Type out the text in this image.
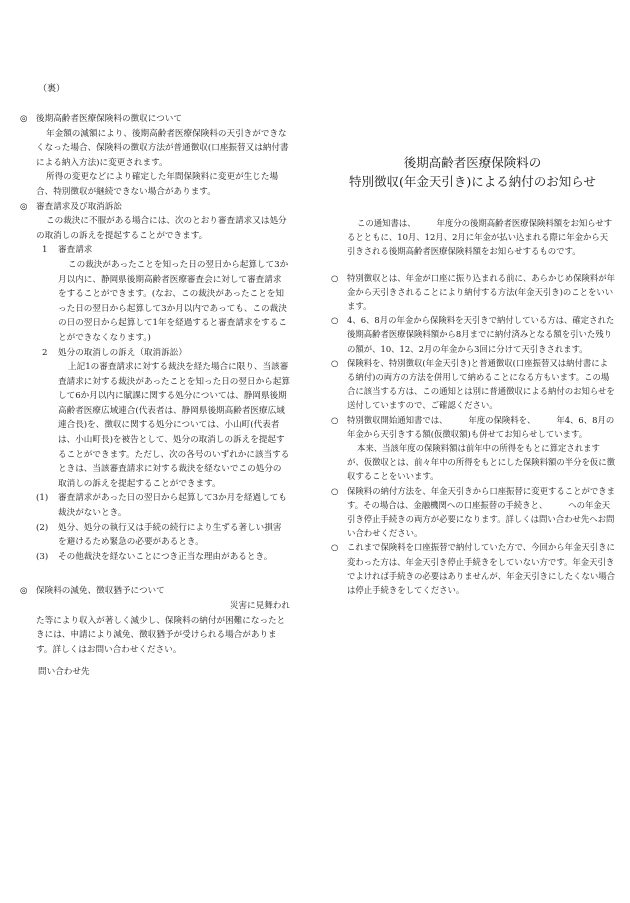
（裏）
◎ 後期高齢者医療保険料の徴収について

年金額の減額により、後期高齢者医療保険料の天引きができなくなった場合、保険料の徴収方法が普通徴収(口座振替又は納付書による納入方法)に変更されます。

所得の変更などにより確定した年間保険料に変更が生じた場合、特別徴収が継続できない場合があります。

◎ 審査請求及び取消訴訟

この裁決に不服がある場合には、次のとおり審査請求又は処分の取消しの訴えを提起することができます。

1	審査請求

この裁決があったことを知った日の翌日から起算して3か月以内に、静岡県後期高齢者医療審査会に対して審査請求をすることができます。(なお、この裁決があったことを知った日の翌日から起算して3か月以内であっても、この裁決の日の翌日から起算して1年を経過すると審査請求をすることができなくなります。)

2	処分の取消しの訴え（取消訴訟）

上記1の審査請求に対する裁決を経た場合に限り、当該審査請求に対する裁決があったことを知った日の翌日から起算して6か月以内に賦課に関する処分については、静岡県後期高齢者医療広域連合(代表者は、静岡県後期高齢者医療広域連合長)を、徴収に関する処分については、小山町(代表者は、小山町長)を被告として、処分の取消しの訴えを提起することができます。ただし、次の各号のいずれかに該当するときは、当該審査請求に対する裁決を経ないでこの処分の取消しの訴えを提起することができます。

(1)	審査請求があった日の翌日から起算して3か月を経過しても裁決がないとき。
(2)	処分、処分の執行又は手続の続行により生ずる著しい損害を避けるため緊急の必要があるとき。
(3)	その他裁決を経ないことにつき正当な理由があるとき。
◎ 保険料の減免、徴収猶予について

災害に見舞われ

た等により収入が著しく減少し、保険料の納付が困難になったときには、申請により減免、徴収猶予が受けられる場合があります。詳しくはお問い合わせください。

問い合わせ先

後期高齢者医療保険料の
特別徴収(年金天引き)による納付のお知らせ

この通知書は、　　　年度分の後期高齢者医療保険料額をお知らせするとともに、10月、12月、2月に年金が払い込まれる際に年金から天引きされる後期高齢者医療保険料額をお知らせするものです。

○	特別徴収とは、年金が口座に振り込まれる前に、あらかじめ保険料が年金から天引きされることにより納付する方法(年金天引き)のことをいいます。
○	4、6、8月の年金から保険料を天引きで納付している方は、確定された後期高齢者医療保険料額から8月までに納付済みとなる額を引いた残りの額が、10、12、2月の年金から3回に分けて天引きされます。
○	保険料を、特別徴収(年金天引き)と普通徴収(口座振替又は納付書による納付)の両方の方法を併用して納めることになる方もいます。この場合に該当する方は、この通知とは別に普通徴収による納付のお知らせを送付していますので、ご確認ください。
○	特別徴収開始通知書では、　　　年度の保険料を、　　　年4、6、8月の年金から天引きする額(仮徴収額)も併せてお知らせしています。

本来、当該年度の保険料額は前年中の所得をもとに算定されますが、仮徴収とは、前々年中の所得をもとにした保険料額の半分を仮に徴収することをいいます。

○	保険料の納付方法を、年金天引きから口座振替に変更することができます。その場合は、金融機関への口座振替の手続きと、　　　への年金天引き停止手続きの両方が必要になります。詳しくは問い合わせ先へお問い合わせください。
○	これまで保険料を口座振替で納付していた方で、今回から年金天引きに変わった方は、年金天引き停止手続きをしていない方です。年金天引きでよければ手続きの必要はありませんが、年金天引きにしたくない場合は停止手続きをしてください。
